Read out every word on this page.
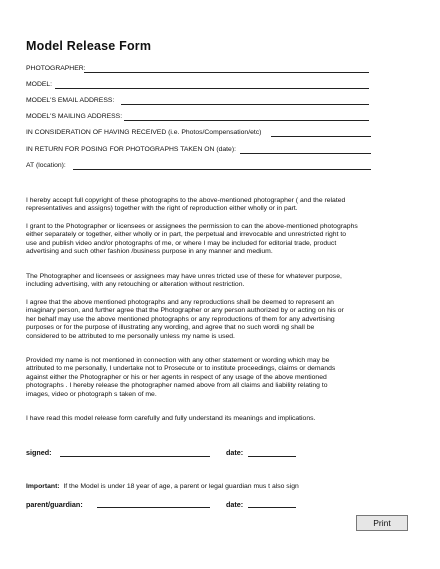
Model Release Form
PHOTOGRAPHER:
MODEL:
MODEL'S EMAIL ADDRESS:
MODEL'S MAILING ADDRESS:
IN CONSIDERATION OF HAVING RECEIVED (i.e. Photos/Compensation/etc)
IN RETURN FOR POSING FOR PHOTOGRAPHS TAKEN ON (date):
AT (location):
I hereby accept full copyright of these photographs to the above-mentioned photographer ( and the related
representatives and assigns) together with the right of reproduction either wholly or in part.
I grant to the Photographer or licensees or assignees the permission to can the above-mentioned photographs
either separately or together, either wholly or in part, the perpetual and irrevocable and unrestricted right to
use and publish video and/or photographs of me, or where I may be included for editorial trade, product
advertising and such other fashion /business purpose in any manner and medium.
The Photographer and licensees or assignees may have unres tricted use of these for whatever purpose,
including advertising, with any retouching or alteration without restriction.
I agree that the above mentioned photographs and any reproductions shall be deemed to represent an
imaginary person, and further agree that the Photographer or any person authorized by or acting on his or
her behalf may use the above mentioned photographs or any reproductions of them for any advertising
purposes or for the purpose of illustrating any wording, and agree that no such wordi ng shall be
considered to be attributed to me personally unless my name is used.
Provided my name is not mentioned in connection with any other statement or wording which may be
attributed to me personally, I undertake not to Prosecute or to institute proceedings, claims or demands
against either the Photographer or his or her agents in respect of any usage of the above mentioned
photographs . I hereby release the photographer named above from all claims and liability relating to
images, video or photograph s taken of me.
I have read this model release form carefully and fully understand its meanings and implications.
signed:	date:
Important: If the Model is under 18 year of age, a parent or legal guardian mus t also sign
parent/guardian:	date:
Print
